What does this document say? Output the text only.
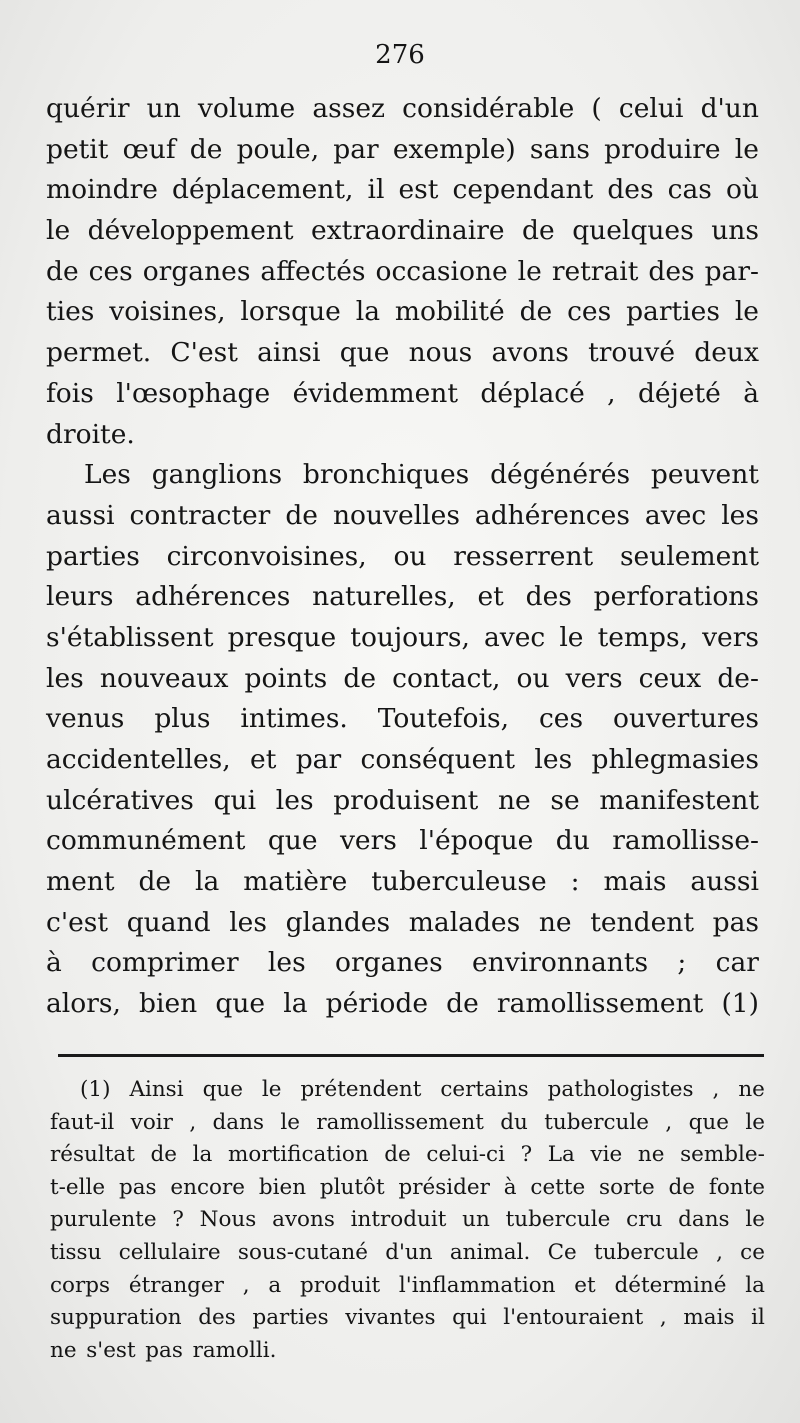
276
quérir un volume assez considérable ( celui d'un
petit œuf de poule, par exemple) sans produire le
moindre déplacement, il est cependant des cas où
le développement extraordinaire de quelques uns
de ces organes affectés occasione le retrait des par-
ties voisines, lorsque la mobilité de ces parties le
permet. C'est ainsi que nous avons trouvé deux
fois l'œsophage évidemment déplacé , déjeté à
droite.
Les ganglions bronchiques dégénérés peuvent
aussi contracter de nouvelles adhérences avec les
parties circonvoisines, ou resserrent seulement
leurs adhérences naturelles, et des perforations
s'établissent presque toujours, avec le temps, vers
les nouveaux points de contact, ou vers ceux de-
venus plus intimes. Toutefois, ces ouvertures
accidentelles, et par conséquent les phlegmasies
ulcératives qui les produisent ne se manifestent
communément que vers l'époque du ramollisse-
ment de la matière tuberculeuse : mais aussi
c'est quand les glandes malades ne tendent pas
à comprimer les organes environnants ; car
alors, bien que la période de ramollissement (1)
(1) Ainsi que le prétendent certains pathologistes , ne
faut-il voir , dans le ramollissement du tubercule , que le
résultat de la mortification de celui-ci ? La vie ne semble-
t-elle pas encore bien plutôt présider à cette sorte de fonte
purulente ? Nous avons introduit un tubercule cru dans le
tissu cellulaire sous-cutané d'un animal. Ce tubercule , ce
corps étranger , a produit l'inflammation et déterminé la
suppuration des parties vivantes qui l'entouraient , mais il
ne s'est pas ramolli.
